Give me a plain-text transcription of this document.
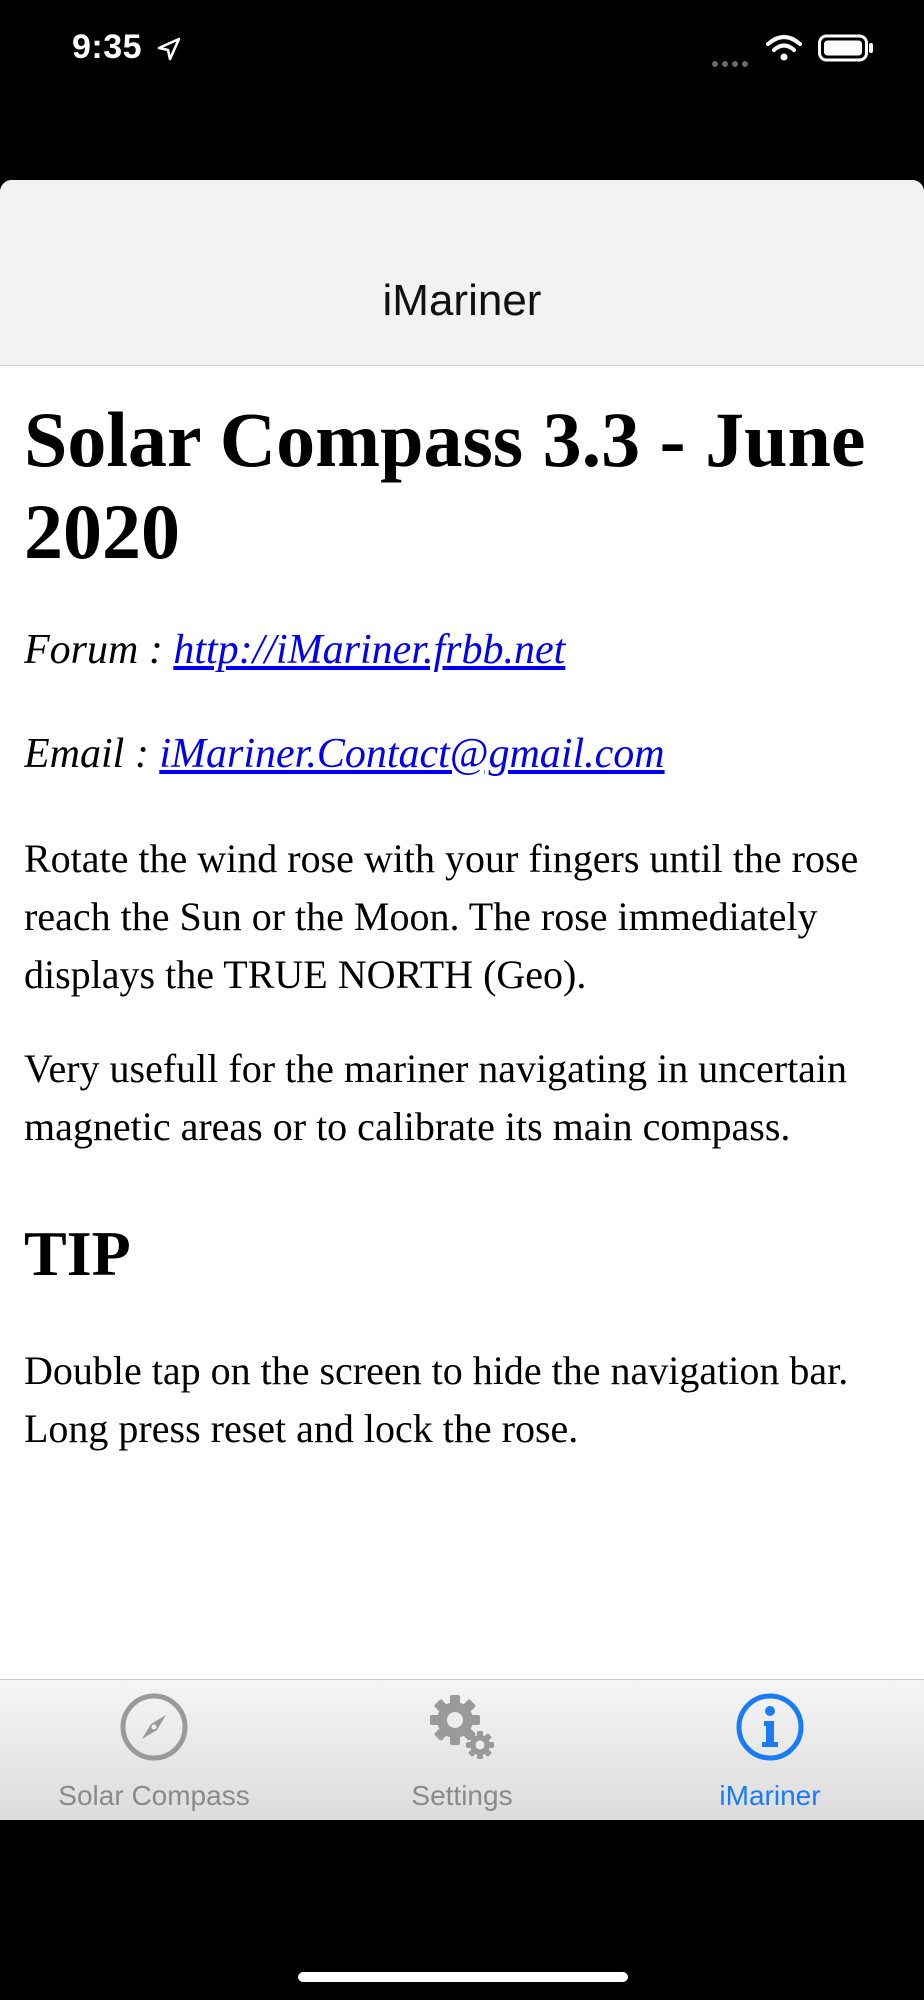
9:35
iMariner
Solar Compass 3.3 - June 2020
Forum : http://iMariner.frbb.net
Email : iMariner.Contact@gmail.com
Rotate the wind rose with your fingers until the rose reach the Sun or the Moon. The rose immediately displays the TRUE NORTH (Geo).
Very usefull for the mariner navigating in uncertain magnetic areas or to calibrate its main compass.
TIP
Double tap on the screen to hide the navigation bar. Long press reset and lock the rose.
Solar Compass	Settings	iMariner
